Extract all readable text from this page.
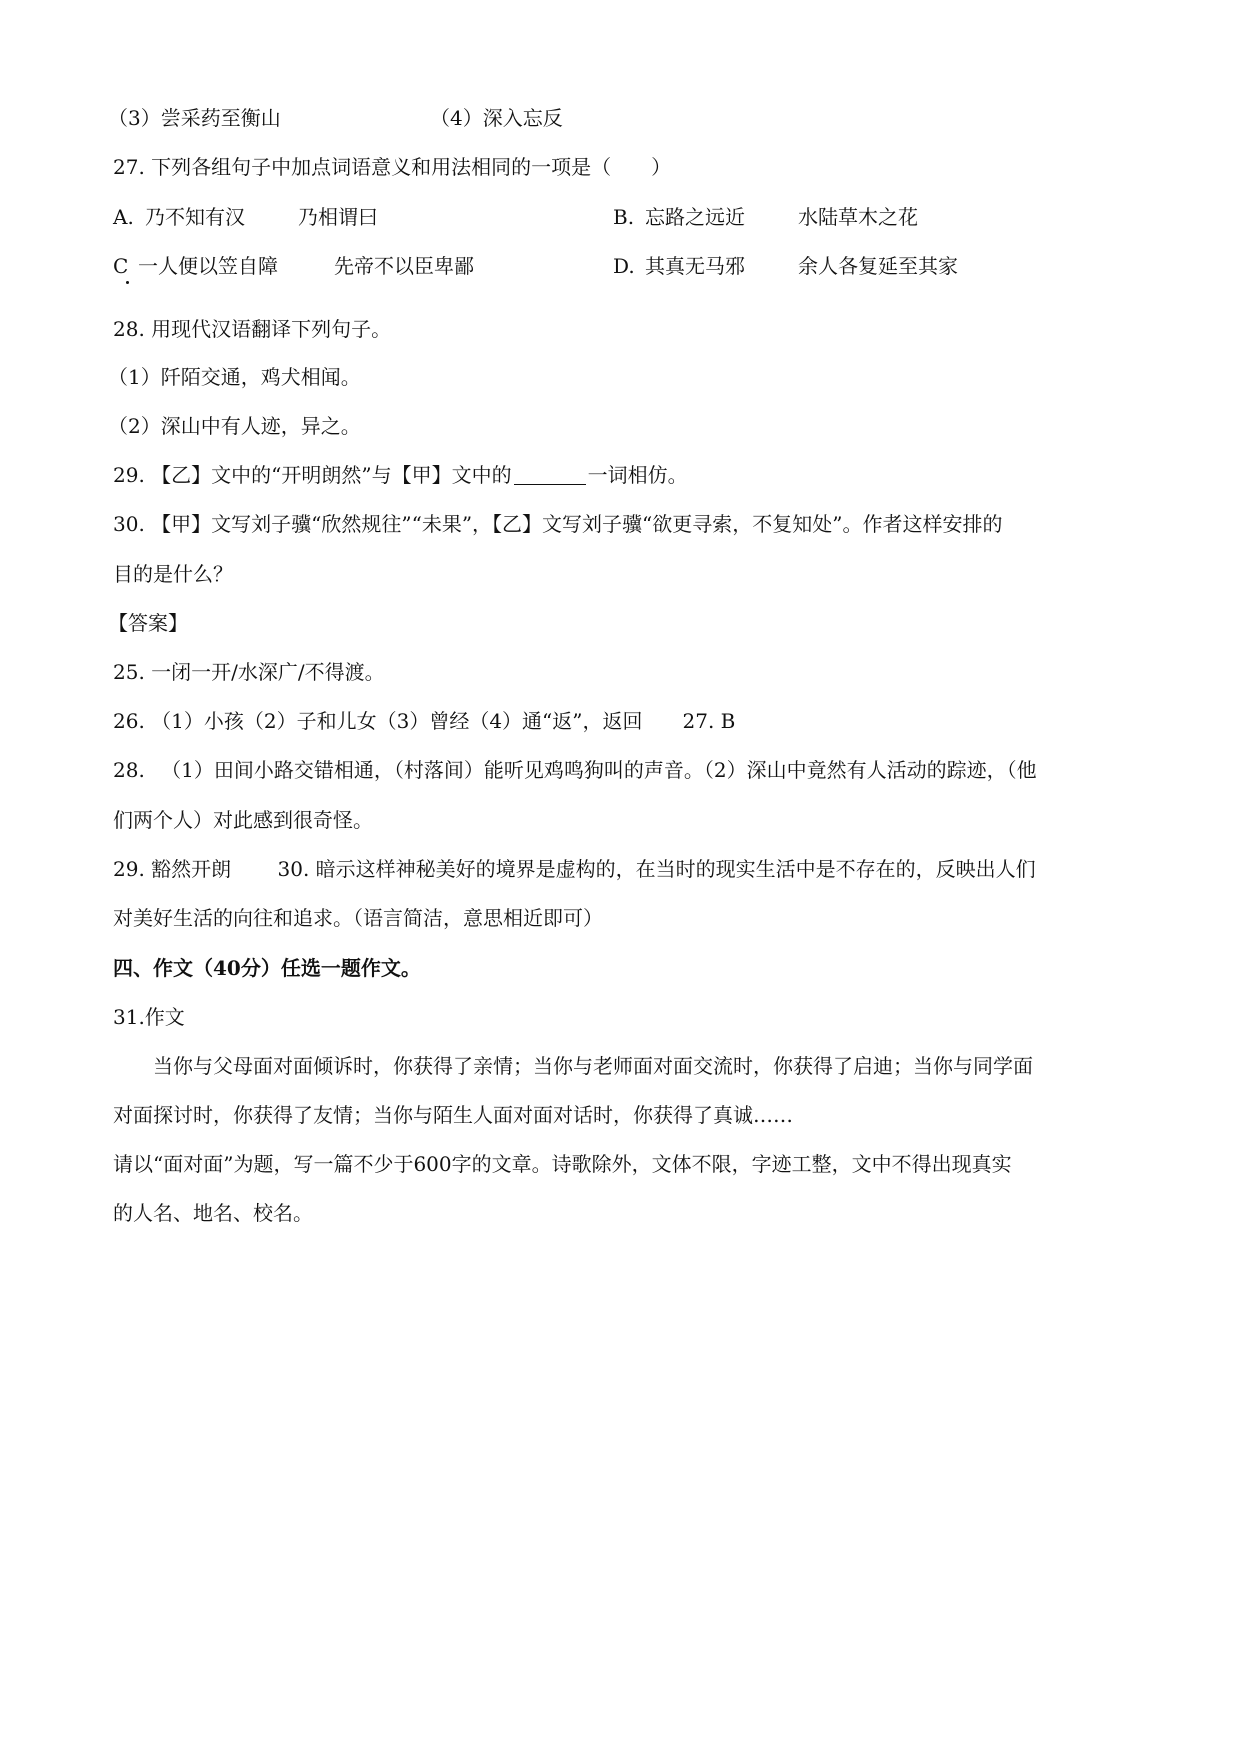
（3）尝采药至衡山	（4）深入忘反
27. 下列各组句子中加点词语意义和用法相同的一项是（　　）
A. 乃不知有汉	乃相谓曰	B. 忘路之远近	水陆草木之花
C 一人便以笠自障	先帝不以臣卑鄙	D. 其真无马邪	余人各复延至其家
28. 用现代汉语翻译下列句子。
（1）阡陌交通，鸡犬相闻。
（2）深山中有人迹，异之。
29. 【乙】文中的“开明朗然”与【甲】文中的	一词相仿。
30. 【甲】文写刘子骥“欣然规往”“未果”，【乙】文写刘子骥“欲更寻索，不复知处”。作者这样安排的
目的是什么？
【答案】
25. 一闭一开/水深广/不得渡。
26. （1）小孩（2）子和儿女（3）曾经（4）通“返”，返回　　27. B
28. 　（1）田间小路交错相通，（村落间）能听见鸡鸣狗叫的声音。（2）深山中竟然有人活动的踪迹，（他
们两个人）对此感到很奇怪。
29. 豁然开朗　　 30. 暗示这样神秘美好的境界是虚构的，在当时的现实生活中是不存在的，反映出人们
对美好生活的向往和追求。（语言简洁，意思相近即可）
四、作文（40分）任选一题作文。
31.作文
当你与父母面对面倾诉时，你获得了亲情；当你与老师面对面交流时，你获得了启迪；当你与同学面
对面探讨时，你获得了友情；当你与陌生人面对面对话时，你获得了真诚……
请以“面对面”为题，写一篇不少于600字的文章。诗歌除外，文体不限，字迹工整，文中不得出现真实
的人名、地名、校名。
